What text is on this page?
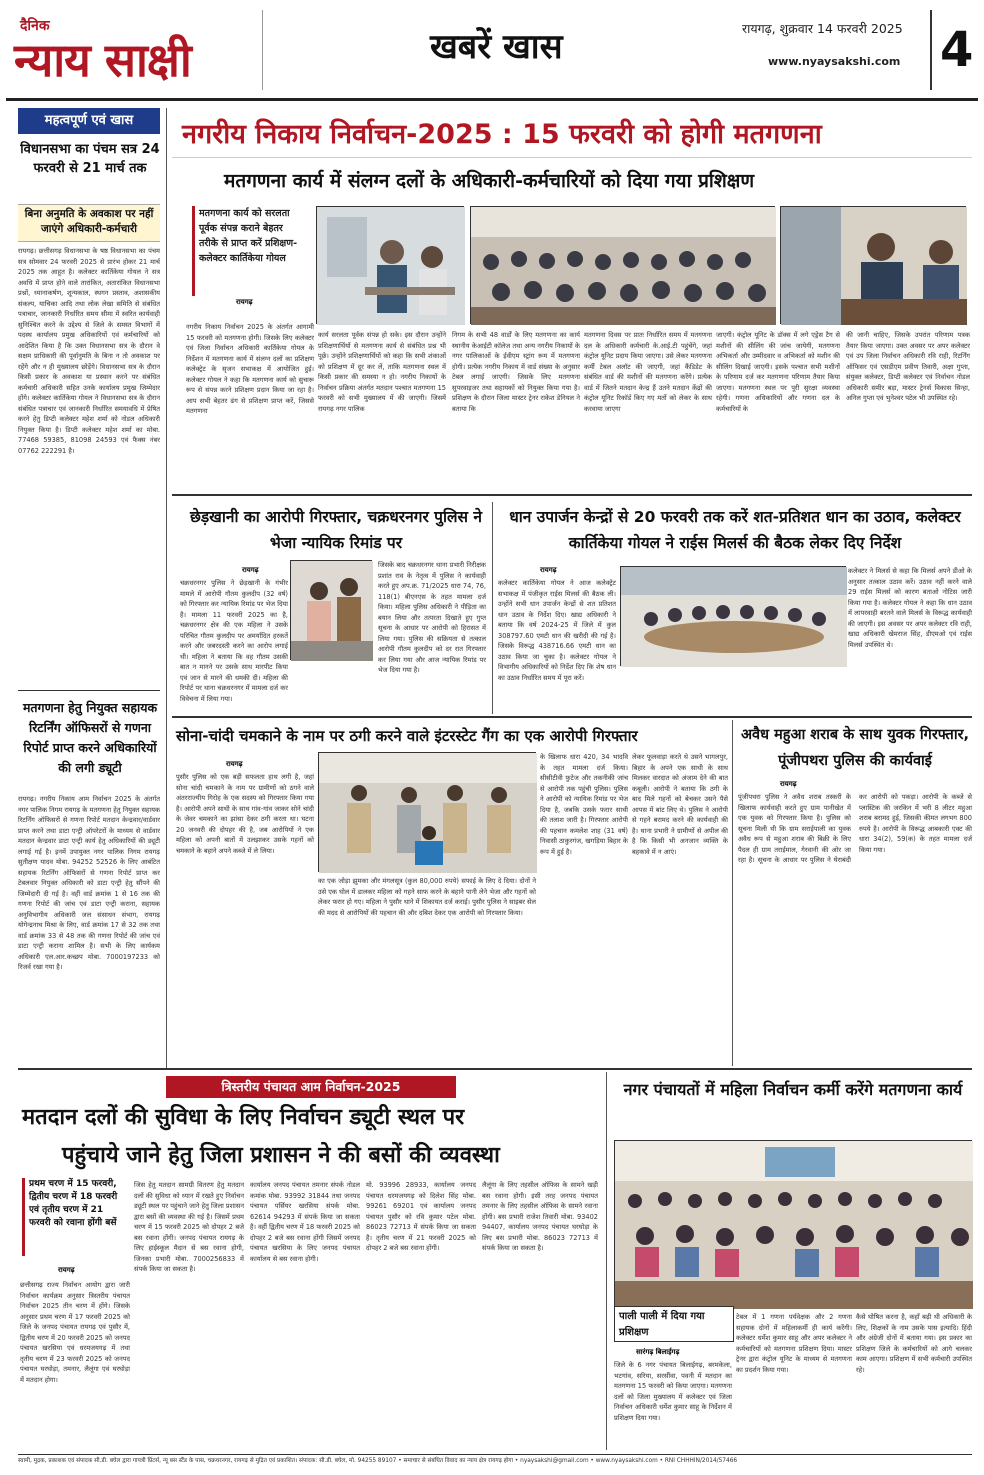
दैनिक
न्याय साक्षी	खबरें खास	रायगढ़, शुक्रवार 14 फरवरी 2025
www.nyaysakshi.com 4
महत्वपूर्ण एवं खास
विधानसभा का पंचम सत्र 24 फरवरी से 21 मार्च तक
बिना अनुमति के अवकाश पर नहीं जाएंगे अधिकारी-कर्मचारी
रायगढ़। छत्तीसगढ़ विधानसभा के षष्ठ विधानसभा का पंचम सत्र सोमवार 24 फरवरी 2025 से प्रारंभ होकर 21 मार्च 2025 तक आहूत है। कलेक्टर कार्तिकेया गोयल ने सत्र अवधि में प्राप्त होने वाले तारांकित, अतारांकित विधानसभा प्रश्नों, ध्यानाकर्षण, शून्यकाल, स्थगन प्रस्ताव, अशासकीय संकल्प, याचिका आदि तथा लोक लेखा समिति से संबंधित पत्राचार, जानकारी निर्धारित समय सीमा में स्वरित कार्यवाही सुनिश्चित करने के उद्देश्य से जिले के समस्त विभागों में पदस्थ कार्यालय प्रमुख अधिकारियों एवं कर्मचारियों को आदेशित किया है कि उक्त विधानसभा सत्र के दौरान वे सक्षम प्राधिकारी की पूर्वानुमति के बिना न तो अवकाश पर रहेंगे और न ही मुख्यालय छोड़ेंगे। विधानसभा सत्र के दौरान किसी प्रकार के अवकाश या प्रस्थान करने पर संबंधित कर्मचारी अधिकारी सहित उनके कार्यालय प्रमुख जिम्मेदार होंगे। कलेक्टर कार्तिकेया गोयल ने विधानसभा सत्र के दौरान संबंधित पत्राचार एवं जानकारी निर्धारित समयावधि में प्रेषित करने हेतु डिप्टी कलेक्टर महेश शर्मा को नोडल अधिकारी नियुक्त किया है। डिप्टी कलेक्टर महेश शर्मा का मोबा. 77468 59385, 81098 24593 एवं फैक्स नंबर 07762 222291 है।
मतगणना हेतु नियुक्त सहायक रिटर्निंग ऑफिसरों से गणना रिपोर्ट प्राप्त करने अधिकारियों की लगी ड्यूटी
रायगढ़। नगरीय निकाय आम निर्वाचन 2025 के अंतर्गत नगर पालिक निगम रायगढ़ के मतगणना हेतु नियुक्त सहायक रिटर्निंग ऑफिसरों से गणना रिपोर्ट मतदान केन्द्रवार/वार्डवार प्राप्त करने तथा डाटा एन्ट्री ऑपरेटरों के माध्यम से वार्डवार मतदान केन्द्रवार डाटा एन्ट्री कार्य हेतु अधिकारियों की ड्यूटी लगाई गई है। इनमें उपायुक्त नगर पालिक निगम रायगढ़ सुतीक्षण यादव मोबा. 94252 52526 के लिए आबंटित सहायक रिटर्निंग ऑफिसरों से गणना रिपोर्ट प्राप्त कर टेबलवार नियुक्त अधिकारी को डाटा एन्ट्री हेतु सौंपने की जिम्मेदारी दी गई है। वहीं वार्ड क्रमांक 1 से 16 तक की गणना रिपोर्ट की जांच एवं डाटा एन्ट्री कराना, सहायक अनुविभागीय अधिकारी जल संसाधन संभाग, रायगढ़ योगेन्द्रनाथ मिश्रा के लिए, वार्ड क्रमांक 17 से 32 तक तथा वार्ड क्रमांक 33 से 48 तक की गणना रिपोर्ट की जांच एवं डाटा एन्ट्री कराना शामिल है। सभी के लिए कार्यकम अधिकारी एल.आर.कच्छप मोबा. 7000197233 को रिजर्व रखा गया है।
नगरीय निकाय निर्वाचन-2025 : 15 फरवरी को होगी मतगणना
मतगणना कार्य में संलग्न दलों के अधिकारी-कर्मचारियों को दिया गया प्रशिक्षण
मतगणना कार्य को सरलता पूर्वक संपन्न कराने बेहतर तरीके से प्राप्त करें प्रशिक्षण- कलेक्टर कार्तिकेया गोयल
रायगढ़
नगरीय निकाय निर्वाचन 2025 के अंतर्गत आगामी 15 फरवरी को मतगणना होगी। जिसके लिए कलेक्टर एवं जिला निर्वाचन अधिकारी कार्तिकेया गोयल के निर्देशन में मतगणना कार्य में संलग्न दलों का प्रशिक्षण कलेक्ट्रेट के सृजन सभाकक्ष में आयोजित हुई। कलेक्टर गोयल ने कहा कि मतगणना कार्य को सुचारू रूप से संपन्न करने प्रशिक्षण प्रदान किया जा रहा है। आप सभी बेहतर ढंग से प्रशिक्षण प्राप्त करें, जिससे मतगणना
कार्य सरलता पूर्वक संपन्न हो सके। इस दौरान उन्होंने प्रशिक्षणार्थियों से मतगणना कार्य से संबंधित प्रश्न भी पूछे। उन्होंने प्रशिक्षणार्थियों को कहा कि सभी शंकाओं को प्रशिक्षण में दूर कर लें, ताकि मतगणना स्थल में किसी प्रकार की समस्या न हो। नगरीय निकायों के निर्वाचन प्रक्रिया अंतर्गत मतदान पश्चात मतगणना 15 फरवरी को सभी मुख्यालय में की जाएगी। जिसमें रायगढ़ नगर पालिक
निगम के सभी 48 वार्डों के लिए मतगणना का कार्य स्थानीय केआईटी कॉलेज तथा अन्य नगरीय निकायों के नगर पालिकाओं के ईवीएम स्ट्रांग रूम में मतगणना होगी। प्रत्येक नगरीय निकाय में वार्ड संख्या के अनुसार टेबल लगाई जाएगी। जिसके लिए मतगणना सुपरवाइजर तथा सहायकों को नियुक्त किया गया है। प्रशिक्षण के दौरान जिला मास्टर ट्रेनर राकेश डेनियल ने बताया कि
मतगणना दिवस पर प्रातः निर्धारित समय में मतगणना दल के अधिकारी कर्मचारी के.आई.टी पहुंचेंगे, जहां कंट्रोल यूनिट प्रदाय किया जाएगा। उसे लेकर मतगणना कर्मी टेबल अलॉट की जाएगी, जहां कैंडिडेट के संबंधित वार्ड की मशीनों की मतगणना करेंगे। प्रत्येक वार्ड में जितने मतदान केन्द्र हैं उतने मतदान केंद्रों की कंट्रोल यूनिट रिकॉर्ड किए गए मतों को लेकर के साथ करवाया जाएगा
जाएगी। कंट्रोल यूनिट के डॉक्स में लगे एड्रेस टैग से मशीनों की सीलिंग की जांच जायेगी, मतगणना अभिकर्ता और उम्मीदवार व अभिकर्ता को मशीन की सीलिंग दिखाई जाएगी। इसके पश्चात सभी मशीनों के परिणाम दर्ज कर मतगणना परिणाम तैयार किया जाएगा। मतगणना स्थल पर पूरी सुरक्षा व्यवस्था रहेगी। गणना अधिकारियों और गणना दल के कर्मचारियों के
की जानी चाहिए, जिसके उपरांत परिणाम पत्रक तैयार किया जाएगा। उक्त अवसर पर अपर कलेक्टर एवं उप जिला निर्वाचन अधिकारी रवि राही, रिटर्निंग ऑफिसर एवं एसडीएम प्रवीण तिवारी, अक्षा गुप्ता, संयुक्त कलेक्टर, डिप्टी कलेक्टर एवं निर्वाचन नोडल अधिकारी समीर बड़ा, मास्टर ट्रेनर्स विकास सिन्हा, अनिल गुप्ता एवं भुनेश्वर पटेल भी उपस्थित रहे।
छेड़खानी का आरोपी गिरफ्तार, चक्रधरनगर पुलिस ने भेजा न्यायिक रिमांड पर
रायगढ़
चक्रधरनगर पुलिस ने छेड़खानी के गंभीर मामले में आरोपी गौतम कुलदीप (32 वर्ष) को गिरफ्तार कर न्यायिक रिमांड पर भेज दिया है। मामला 11 फरवरी 2025 का है, चक्रधरनगर क्षेत्र की एक महिला ने उसके परिचित गौतम कुलदीप पर अमर्यादित हरकतें करने और जबरदस्ती करने का आरोप लगाई थी। महिला ने बताया कि वह गौतम उसकी बात न मानने पर उसके साथ मारपीट किया एवं जान से मारने की धमकी दी। महिला की रिपोर्ट पर थाना चक्रधरनगर में मामला दर्ज कर विवेचना में लिया गया।
जिसके बाद चक्रधरनगर थाना प्रभारी निरीक्षक प्रशांत राव के नेतृत्व में पुलिस ने कार्यवाही करते हुए अप.क्र. 71/2025 धारा 74, 76, 118(1) बीएनएस के तहत मामला दर्ज किया। महिला पुलिस अधिकारी ने पीड़िता का बयान लिया और तत्परता दिखाते हुए गुप्त सूचना के आधार पर आरोपी को हिरासत में लिया गया। पुलिस की सक्रियता से तत्काल आरोपी गौतम कुलदीप को दर रात गिरफ्तार कर लिया गया और आज न्यायिक रिमांड पर भेज दिया गया है।
धान उपार्जन केन्द्रों से 20 फरवरी तक करें शत-प्रतिशत धान का उठाव, कलेक्टर कार्तिकेया गोयल ने राईस मिलर्स की बैठक लेकर दिए निर्देश
रायगढ़
कलेक्टर कार्तिकेया गोयल ने आज कलेक्ट्रेट सभाकक्ष में पंजीकृत राईस मिलर्स की बैठक ली। उन्होंने सभी धान उपार्जन केन्द्रों से शत प्रतिशत धान उठाव के निर्देश दिए। खाद्य अधिकारी ने बताया कि वर्ष 2024-25 में जिले में कुल 308797.60 एमटी धान की खरीदी की गई है। जिसके विरूद्ध 438716.66 एमटी धान का उठाव किया जा चुका है। कलेक्टर गोयल ने विभागीय अधिकारियों को निर्देश दिए कि शेष धान का उठाव निर्धारित समय में पूरा करें।
कलेक्टर ने मिलर्स से कहा कि मिलर्स अपने डीओ के अनुसार तत्काल उठाव करें। उठाव नहीं करने वाले 29 राईस मिलर्स को कारण बताओ नोटिस जारी किया गया है। कलेक्टर गोयल ने कहा कि धान उठाव में लापरवाही बरतने वाले मिलर्स के विरूद्ध कार्यवाही की जाएगी। इस अवसर पर अपर कलेक्टर रवि राही, खाद्य अधिकारी खेमराज सिंह, डीएमओ एवं राईस मिलर्स उपस्थित थे।
सोना-चांदी चमकाने के नाम पर ठगी करने वाले इंटरस्टेट गैंग का एक आरोपी गिरफ्तार
रायगढ़
पुसौर पुलिस को एक बड़ी सफलता हाथ लगी है, जहां सोना चांदी चमकाने के नाम पर ग्रामीणों को ठगने वाले अंतरराज्यीय गिरोह के एक सदस्य को गिरफ्तार किया गया है। आरोपी अपने साथी के साथ गांव-गांव जाकर सोने चांदी के जेवर चमकाने का झांसा देकर ठगी करता था। घटना 20 जनवरी की दोपहर की है, जब आरोपियों ने एक महिला को अपनी बातों में उलझाकर उसके गहनों को चमकाने के बहाने अपने कब्जे में ले लिया।
का एक जोड़ा झुमका और मंगलसूत्र (कुल 80,000 रुपये) सफाई के लिए दे दिया। दोनों ने उसे एक घोल में डालकर महिला को गहने साफ करने के बहाने पानी लेने भेजा और गहनों को लेकर फरार हो गए। महिला ने पुसौर थाने में शिकायत दर्ज कराई। पुसौर पुलिस ने साइबर सेल की मदद से आरोपियों की पहचान की और दबिश देकर एक आरोपी को गिरफ्तार किया।
के खिलाफ धारा 420, 34 भादवि के तहत मामला दर्ज किया। सीसीटीवी फुटेज और तकनीकी जांच से आरोपी तक पहुंची पुलिस। पुलिस ने आरोपी को न्यायिक रिमांड पर भेज दिया है, जबकि उसके फरार साथी की तलाश जारी है। गिरफ्तार आरोपी की पहचान कमलेश शाह (31 वर्ष) निवासी ठाकुरगंज, खगड़िया बिहार के रूप में हुई है।
लेकर फूलवाड़ा करते थे उसने भागलपुर, बिहार के अपने एक साथी के साथ मिलकर वारदात को अंजाम देने की बात कबूली। आरोपी ने बताया कि ठगी के बाद मिले गहनों को बेचकर उसने पैसे आपस में बांट लिए थे। पुलिस ने आरोपी से गहने बरामद करने की कार्यवाही की है। थाना प्रभारी ने ग्रामीणों से अपील की है कि किसी भी अनजान व्यक्ति के बहकावे में न आएं।
अवैध महुआ शराब के साथ युवक गिरफ्तार, पूंजीपथरा पुलिस की कार्यवाई
रायगढ़
पूंजीपथरा पुलिस ने अवैध शराब तस्करी के खिलाफ कार्यवाही करते हुए ग्राम पानीखेत में एक युवक को गिरफ्तार किया है। पुलिस को सूचना मिली थी कि ग्राम सराईपाली का युवक अवैध रूप से महुआ शराब की बिक्री के लिए पैदल ही ग्राम तराईमाल, गेरवानी की ओर जा रहा है। सूचना के आधार पर पुलिस ने घेराबंदी कर आरोपी को पकड़ा। आरोपी के कब्जे से प्लास्टिक की जरकिन में भरी 8 लीटर महुआ शराब बरामद हुई, जिसकी कीमत लगभग 800 रुपये है। आरोपी के विरूद्ध आबकारी एक्ट की धारा 34(2), 59(क) के तहत मामला दर्ज किया गया।
त्रिस्तरीय पंचायत आम निर्वाचन-2025
मतदान दलों की सुविधा के लिए निर्वाचन ड्यूटी स्थल पर
पहुंचाये जाने हेतु जिला प्रशासन ने की बसों की व्यवस्था
प्रथम चरण में 15 फरवरी, द्वितीय चरण में 18 फरवरी एवं तृतीय चरण में 21 फरवरी को रवाना होंगी बसें
रायगढ़
छत्तीसगढ़ राज्य निर्वाचन आयोग द्वारा जारी निर्वाचन कार्यक्रम अनुसार त्रिस्तरीय पंचायत निर्वाचन 2025 तीन चरण में होंगे। जिसके अनुसार प्रथम चरण में 17 फरवरी 2025 को जिले के जनपद पंचायत रायगढ़ एवं पुसौर में, द्वितीय चरण में 20 फरवरी 2025 को जनपद पंचायत खरसिया एवं धरमजयगढ़ में तथा तृतीय चरण में 23 फरवरी 2025 को जनपद पंचायत घरघोड़ा, तमनार, लैलूंगा एवं घरघोड़ा में मतदान होगा।
जिस हेतु मतदान सामग्री वितरण हेतु मतदान दलों की सुविधा को ध्यान में रखते हुए निर्वाचन ड्यूटी स्थल पर पहुंचाने जाने हेतु जिला प्रशासन द्वारा बसों की व्यवस्था की गई है। जिसमें प्रथम चरण में 15 फरवरी 2025 को दोपहर 2 बजे बस रवाना होंगी। जनपद पंचायत रायगढ़ के लिए हाईस्कूल मैदान से बस रवाना होगी, जिनका प्रभारी मोबा. 7000256833 में संपर्क किया जा सकता है।
कार्यालय जनपद पंचायत तमनार संपर्क नोडल कमांक मोबा. 93992 31844 तथा जनपद पंचायत पर्सियर खरसिया संपर्क मोबा. 62614 94293 में संपर्क किया जा सकता है। वहीं द्वितीय चरण में 18 फरवरी 2025 को दोपहर 2 बजे बस रवाना होंगी जिसमें जनपद पंचायत खरसिया के लिए जनपद पंचायत कार्यालय से बस रवाना होगी।
मो. 93996 28933, कार्यालय जनपद पंचायत धरमजयगढ़ को दिलेश सिंह मोबा. 99261 69201 एवं कार्यालय जनपद पंचायत पुसौर को रवि कुमार पटेल मोबा. 86023 72713 में संपर्क किया जा सकता है। तृतीय चरण में 21 फरवरी 2025 को दोपहर 2 बजे बस रवाना होंगी।
लैलूंगा के लिए तहसील ऑफिस के सामने खड़ी बस रवाना होगी। इसी तरह जनपद पंचायत तमनार के लिए तहसील ऑफिस के सामने रवाना होंगी। बस प्रभारी राजेश तिवारी मोबा. 93402 94407, कार्यालय जनपद पंचायत घरघोड़ा के लिए बस प्रभारी मोबा. 86023 72713 में संपर्क किया जा सकता है।
नगर पंचायतों में महिला निर्वाचन कर्मी करेंगे मतगणना कार्य
पाली पाली में दिया गया प्रशिक्षण
सारंगढ़ बिलाईगढ़
जिले के 6 नगर पंचायत बिलाईगढ़, बरमकेला, भटगांव, सरिया, सरसींवा, पवनी में मतदान का मतगणना 15 फरवरी को किया जाएगा। मतगणना दलों को जिला मुख्यालय में कलेक्टर एवं जिला निर्वाचन अधिकारी धर्मेश कुमार साहू के निर्देशन में प्रशिक्षण दिया गया।
टेबल में 1 गणना पर्यवेक्षक और 2 गणना सहायक दोनों में महिलाकर्मी ही कार्य करेंगी। कलेक्टर धर्मेश कुमार साहू और अपर कलेक्टर ने कर्मचारियों को मतगणना प्रशिक्षण दिया। मास्टर ट्रेनर द्वारा कंट्रोल यूनिट के माध्यम से मतगणना का प्रदर्शन किया गया।
कैसे घोषित करना है, कहाँ बढ़ी थी अधिकारी के लिए, शिक्षकों के नाम उसके पास इत्यादि। हिंदी और अंग्रेजी दोनों में बताया गया। इस प्रकार का प्रशिक्षण जिले के कर्मचारियों को आगे चलकर काम आएगा। प्रशिक्षण में सभी कर्मचारी उपस्थित रहे।
स्वामी, मुद्रक, प्रकाशक एवं संपादक सी.डी. बघेल द्वारा गायत्री प्रिंटर्स, न्यू बस स्टैंड के पास, चक्रधरनगर, रायगढ़ से मुद्रित एवं प्रकाशित। संपादक: सी.डी. बघेल, मो. 94255 89107 • समाचार से संबंधित विवाद का न्याय क्षेत्र रायगढ़ होगा • nyaysakshi@gmail.com • www.nyaysakshi.com • RNI CHHHIN/2014/57466
